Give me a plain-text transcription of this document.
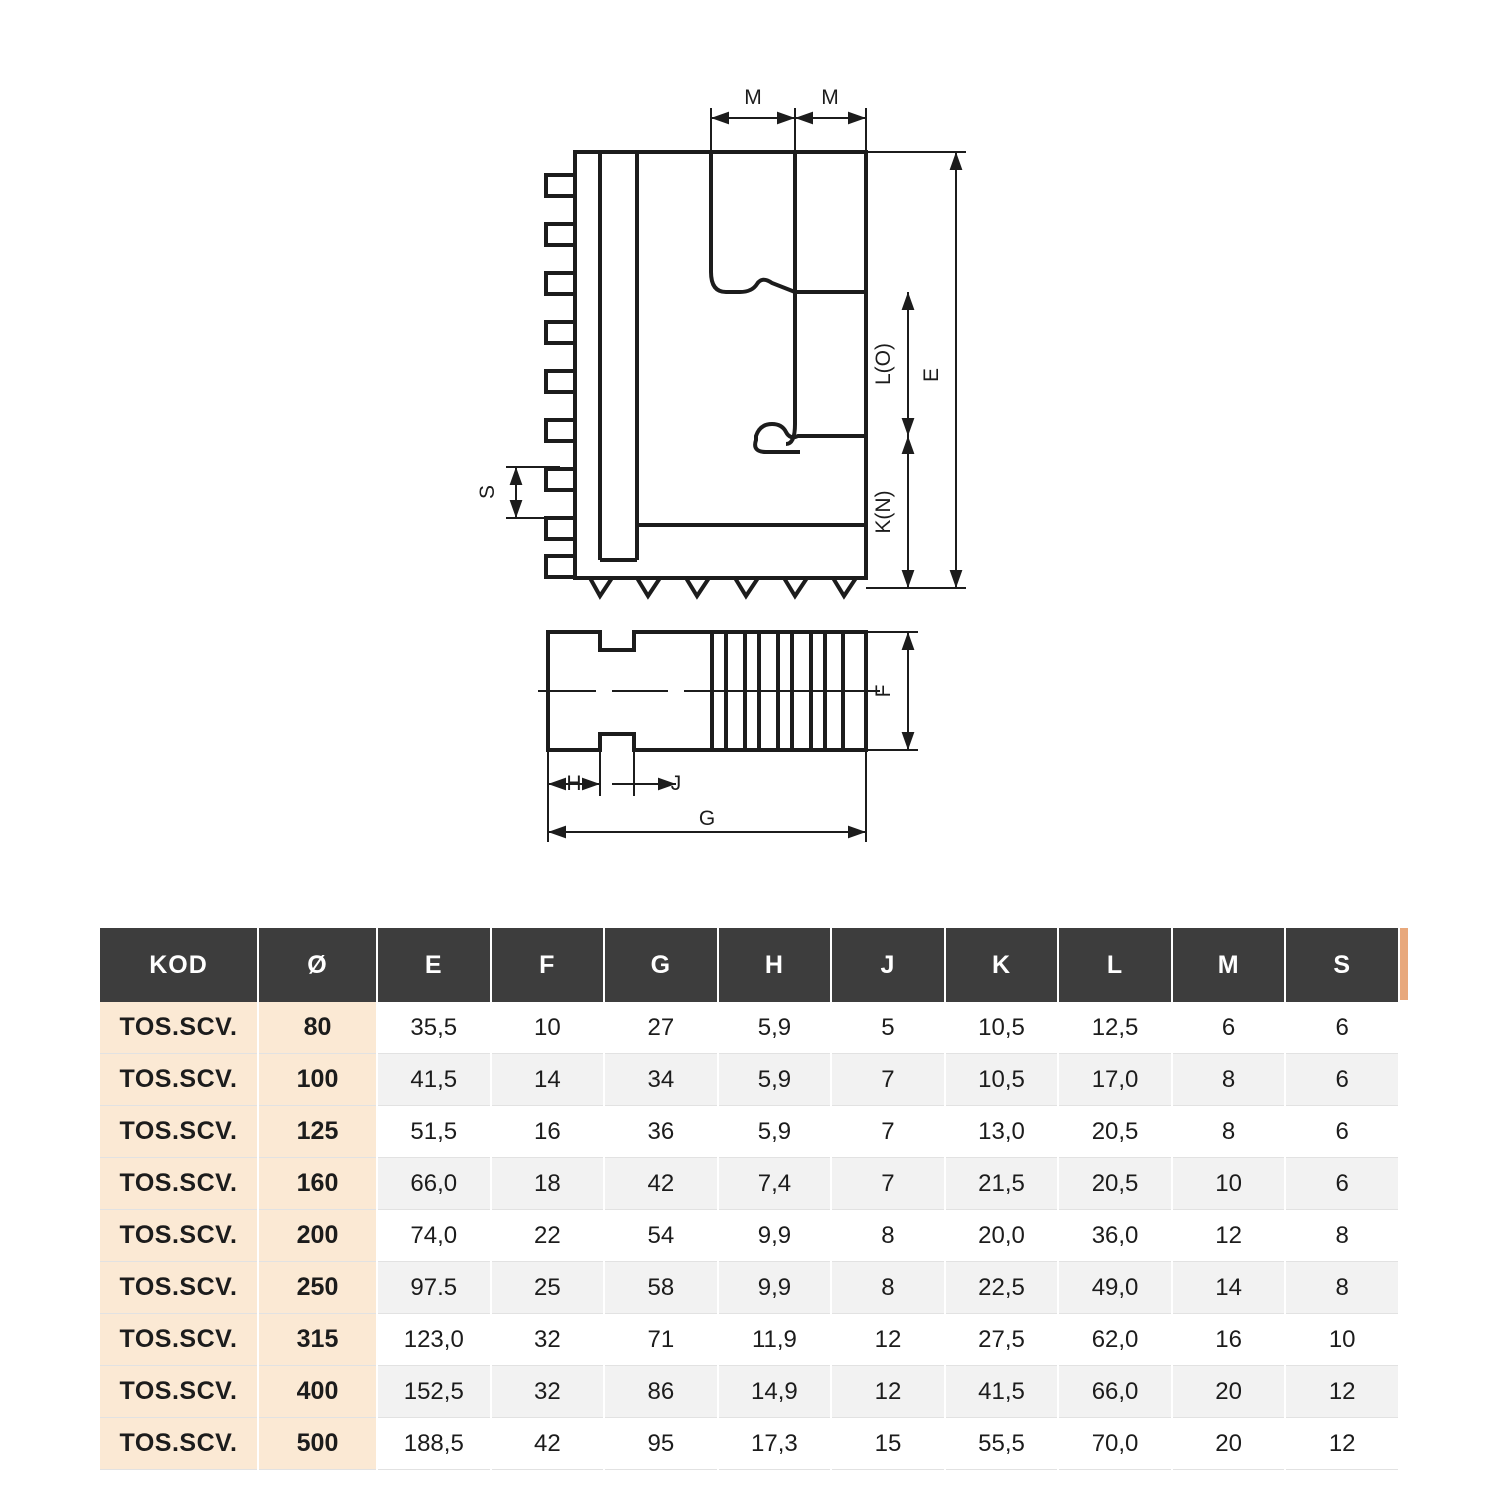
M	M
E
L(O)
K(N)
S
F
H	J
G
KOD	Ø	E	F	G	H	J	K	L	M	S
TOS.SCV.	80	35,5	10	27	5,9	5	10,5	12,5	6	6
TOS.SCV.	100	41,5	14	34	5,9	7	10,5	17,0	8	6
TOS.SCV.	125	51,5	16	36	5,9	7	13,0	20,5	8	6
TOS.SCV.	160	66,0	18	42	7,4	7	21,5	20,5	10	6
TOS.SCV.	200	74,0	22	54	9,9	8	20,0	36,0	12	8
TOS.SCV.	250	97.5	25	58	9,9	8	22,5	49,0	14	8
TOS.SCV.	315	123,0	32	71	11,9	12	27,5	62,0	16	10
TOS.SCV.	400	152,5	32	86	14,9	12	41,5	66,0	20	12
TOS.SCV.	500	188,5	42	95	17,3	15	55,5	70,0	20	12
